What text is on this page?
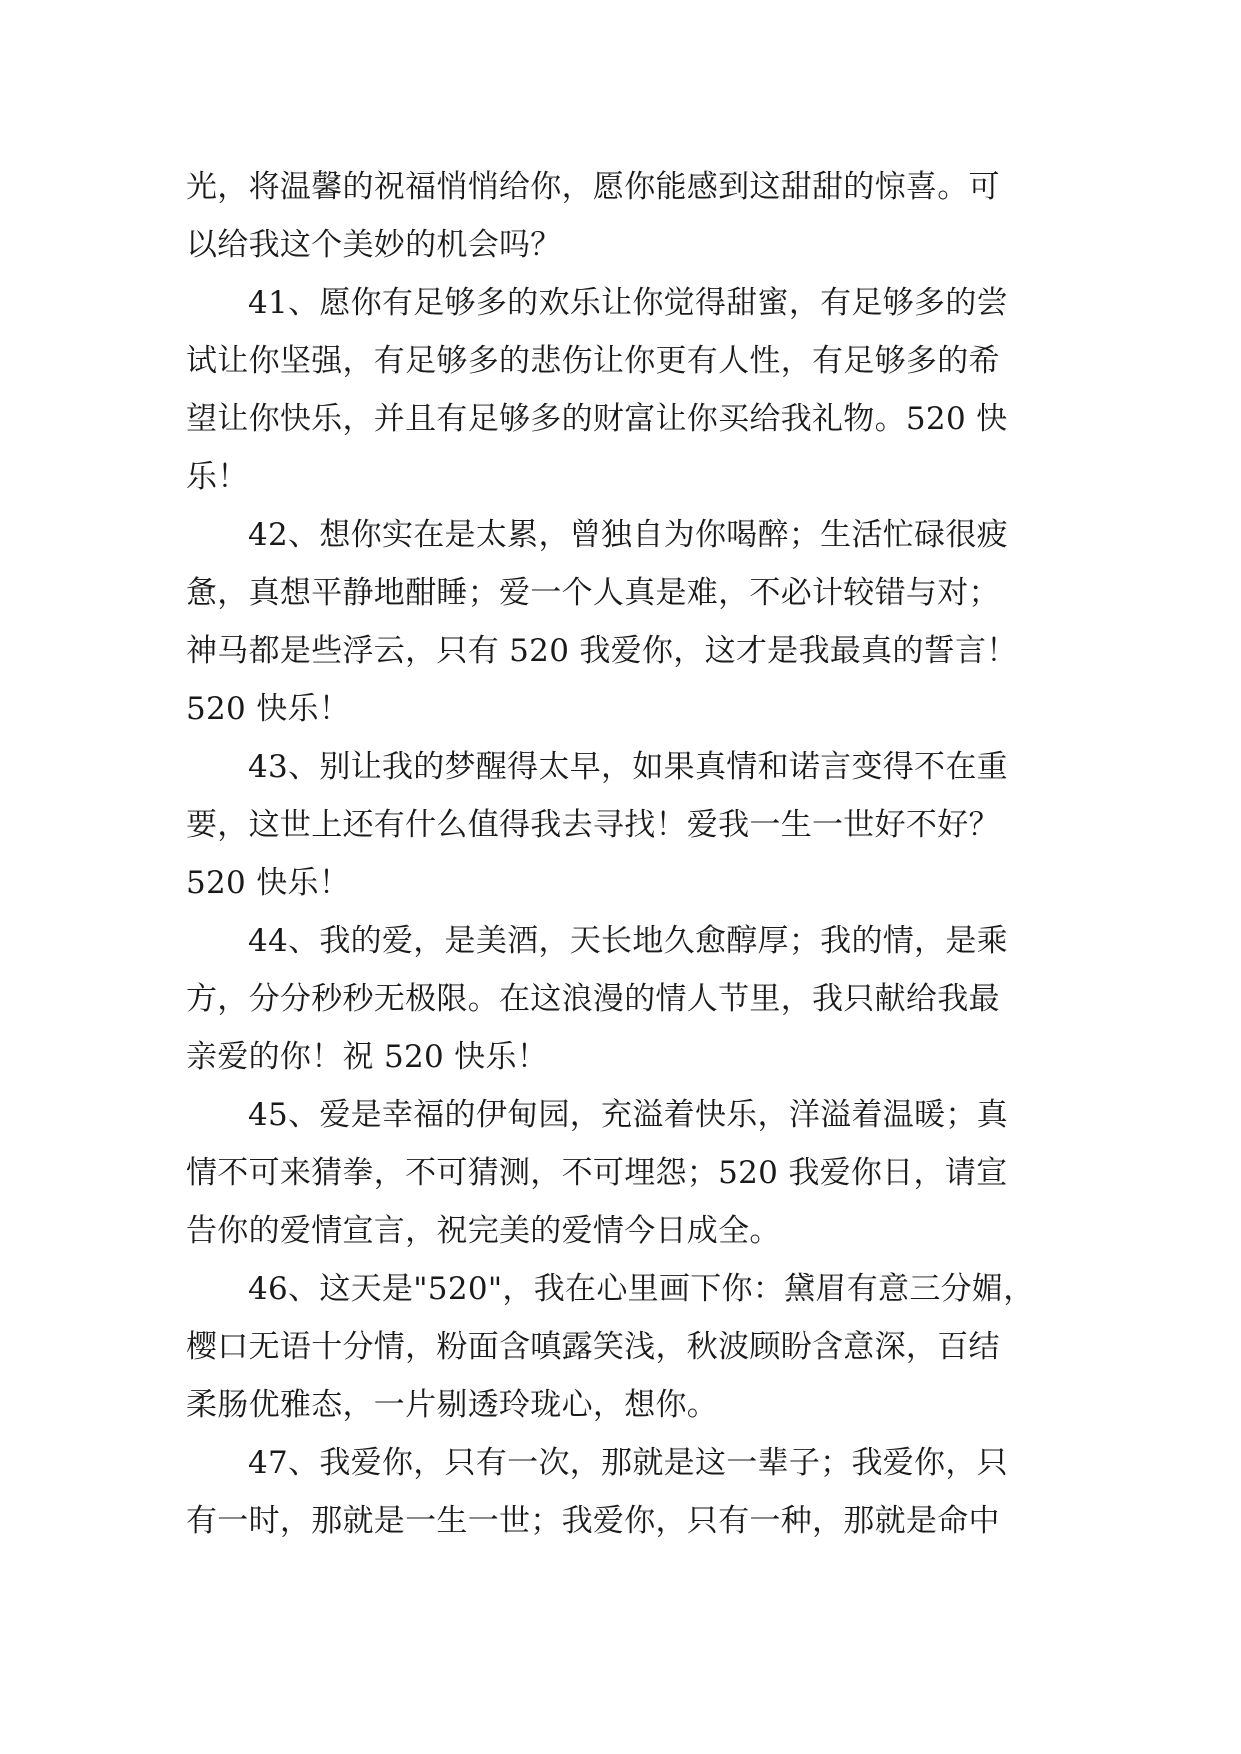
光，将温馨的祝福悄悄给你，愿你能感到这甜甜的惊喜。可
以给我这个美妙的机会吗？
41、愿你有足够多的欢乐让你觉得甜蜜，有足够多的尝
试让你坚强，有足够多的悲伤让你更有人性，有足够多的希
望让你快乐，并且有足够多的财富让你买给我礼物。520 快
乐！
42、想你实在是太累，曾独自为你喝醉；生活忙碌很疲
惫，真想平静地酣睡；爱一个人真是难，不必计较错与对；
神马都是些浮云，只有 520 我爱你，这才是我最真的誓言！
520 快乐！
43、别让我的梦醒得太早，如果真情和诺言变得不在重
要，这世上还有什么值得我去寻找！爱我一生一世好不好？
520 快乐！
44、我的爱，是美酒，天长地久愈醇厚；我的情，是乘
方，分分秒秒无极限。在这浪漫的情人节里，我只献给我最
亲爱的你！祝 520 快乐！
45、爱是幸福的伊甸园，充溢着快乐，洋溢着温暖；真
情不可来猜拳，不可猜测，不可埋怨；520 我爱你日，请宣
告你的爱情宣言，祝完美的爱情今日成全。
46、这天是"520"，我在心里画下你：黛眉有意三分媚，
樱口无语十分情，粉面含嗔露笑浅，秋波顾盼含意深，百结
柔肠优雅态，一片剔透玲珑心，想你。
47、我爱你，只有一次，那就是这一辈子；我爱你，只
有一时，那就是一生一世；我爱你，只有一种，那就是命中
